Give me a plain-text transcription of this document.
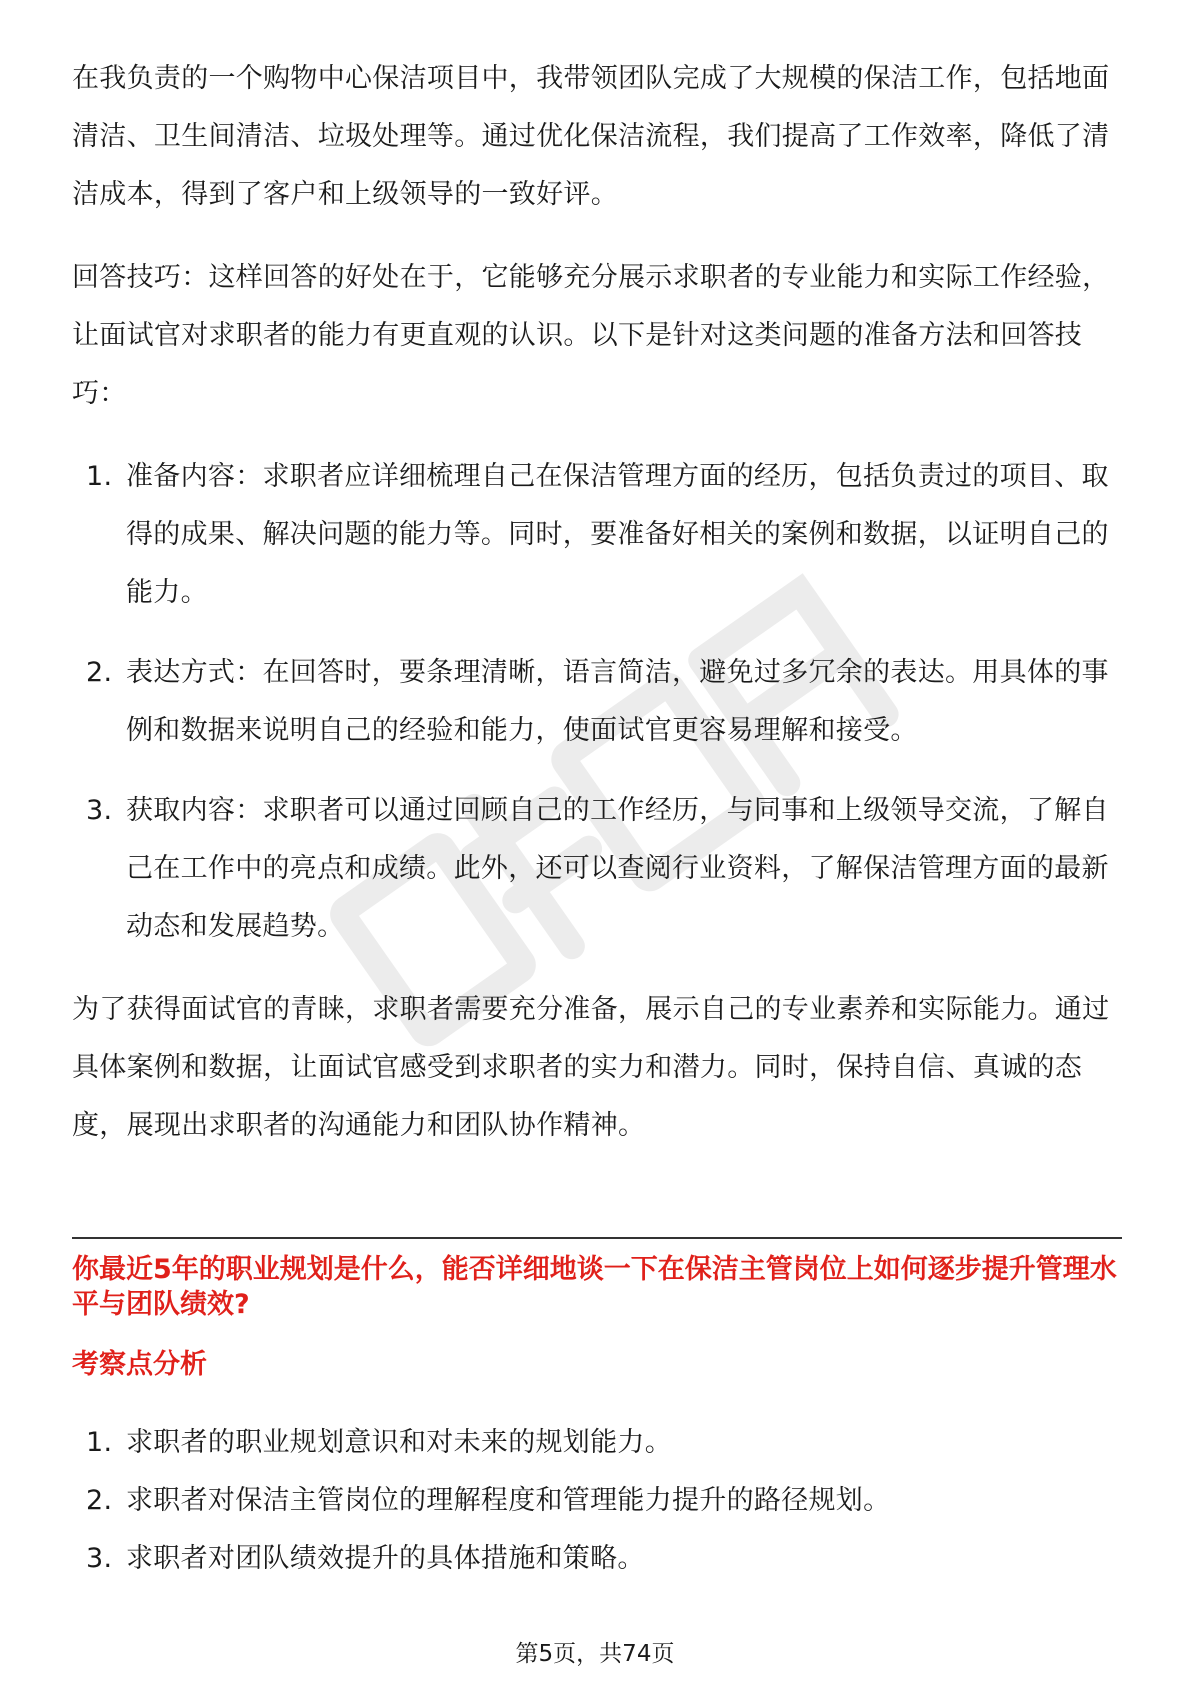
在我负责的一个购物中心保洁项目中，我带领团队完成了大规模的保洁工作，包括地面清洁、卫生间清洁、垃圾处理等。通过优化保洁流程，我们提高了工作效率，降低了清洁成本，得到了客户和上级领导的一致好评。

回答技巧：这样回答的好处在于，它能够充分展示求职者的专业能力和实际工作经验，让面试官对求职者的能力有更直观的认识。以下是针对这类问题的准备方法和回答技巧：

1. 准备内容：求职者应详细梳理自己在保洁管理方面的经历，包括负责过的项目、取得的成果、解决问题的能力等。同时，要准备好相关的案例和数据，以证明自己的能力。
2. 表达方式：在回答时，要条理清晰，语言简洁，避免过多冗余的表达。用具体的事例和数据来说明自己的经验和能力，使面试官更容易理解和接受。
3. 获取内容：求职者可以通过回顾自己的工作经历，与同事和上级领导交流，了解自己在工作中的亮点和成绩。此外，还可以查阅行业资料，了解保洁管理方面的最新动态和发展趋势。

为了获得面试官的青睐，求职者需要充分准备，展示自己的专业素养和实际能力。通过具体案例和数据，让面试官感受到求职者的实力和潜力。同时，保持自信、真诚的态度，展现出求职者的沟通能力和团队协作精神。

你最近5年的职业规划是什么，能否详细地谈一下在保洁主管岗位上如何逐步提升管理水平与团队绩效?

考察点分析

1. 求职者的职业规划意识和对未来的规划能力。
2. 求职者对保洁主管岗位的理解程度和管理能力提升的路径规划。
3. 求职者对团队绩效提升的具体措施和策略。
第5页，共74页
